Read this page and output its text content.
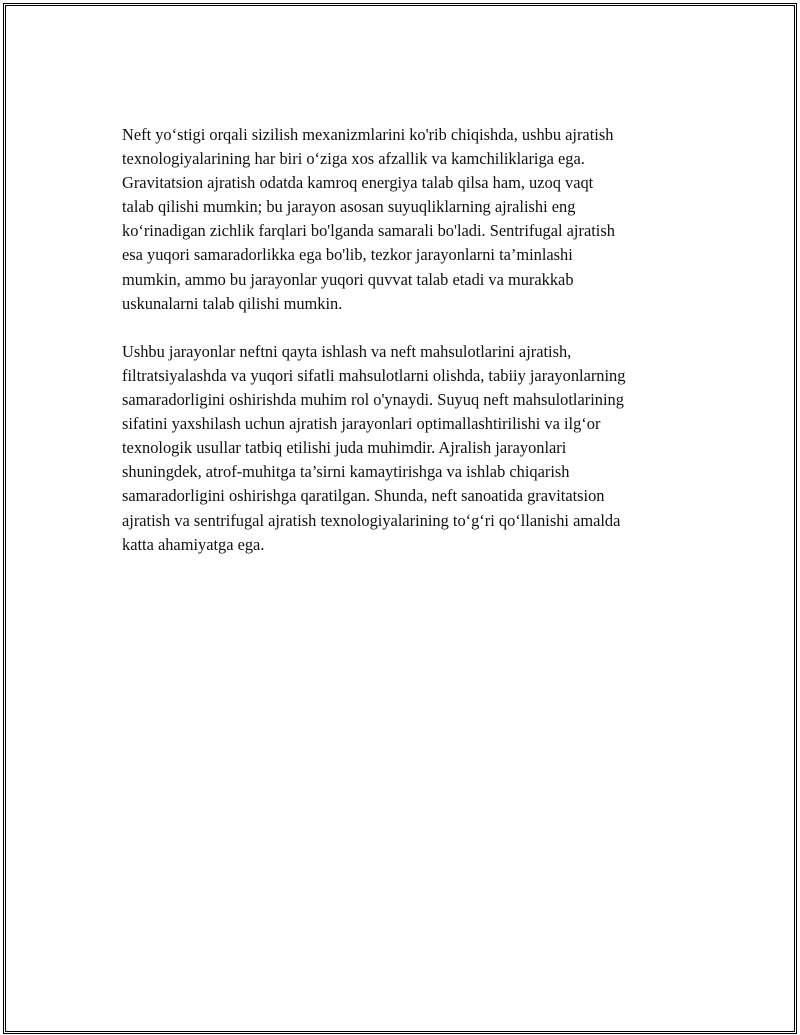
Neft yo‘stigi orqali sizilish mexanizmlarini ko'rib chiqishda, ushbu ajratish
texnologiyalarining har biri o‘ziga xos afzallik va kamchiliklariga ega.
Gravitatsion ajratish odatda kamroq energiya talab qilsa ham, uzoq vaqt
talab qilishi mumkin; bu jarayon asosan suyuqliklarning ajralishi eng
ko‘rinadigan zichlik farqlari bo'lganda samarali bo'ladi. Sentrifugal ajratish
esa yuqori samaradorlikka ega bo'lib, tezkor jarayonlarni ta’minlashi
mumkin, ammo bu jarayonlar yuqori quvvat talab etadi va murakkab
uskunalarni talab qilishi mumkin.

Ushbu jarayonlar neftni qayta ishlash va neft mahsulotlarini ajratish,
filtratsiyalashda va yuqori sifatli mahsulotlarni olishda, tabiiy jarayonlarning
samaradorligini oshirishda muhim rol o'ynaydi. Suyuq neft mahsulotlarining
sifatini yaxshilash uchun ajratish jarayonlari optimallashtirilishi va ilg‘or
texnologik usullar tatbiq etilishi juda muhimdir. Ajralish jarayonlari
shuningdek, atrof-muhitga ta’sirni kamaytirishga va ishlab chiqarish
samaradorligini oshirishga qaratilgan. Shunda, neft sanoatida gravitatsion
ajratish va sentrifugal ajratish texnologiyalarining to‘g‘ri qo‘llanishi amalda
katta ahamiyatga ega.
